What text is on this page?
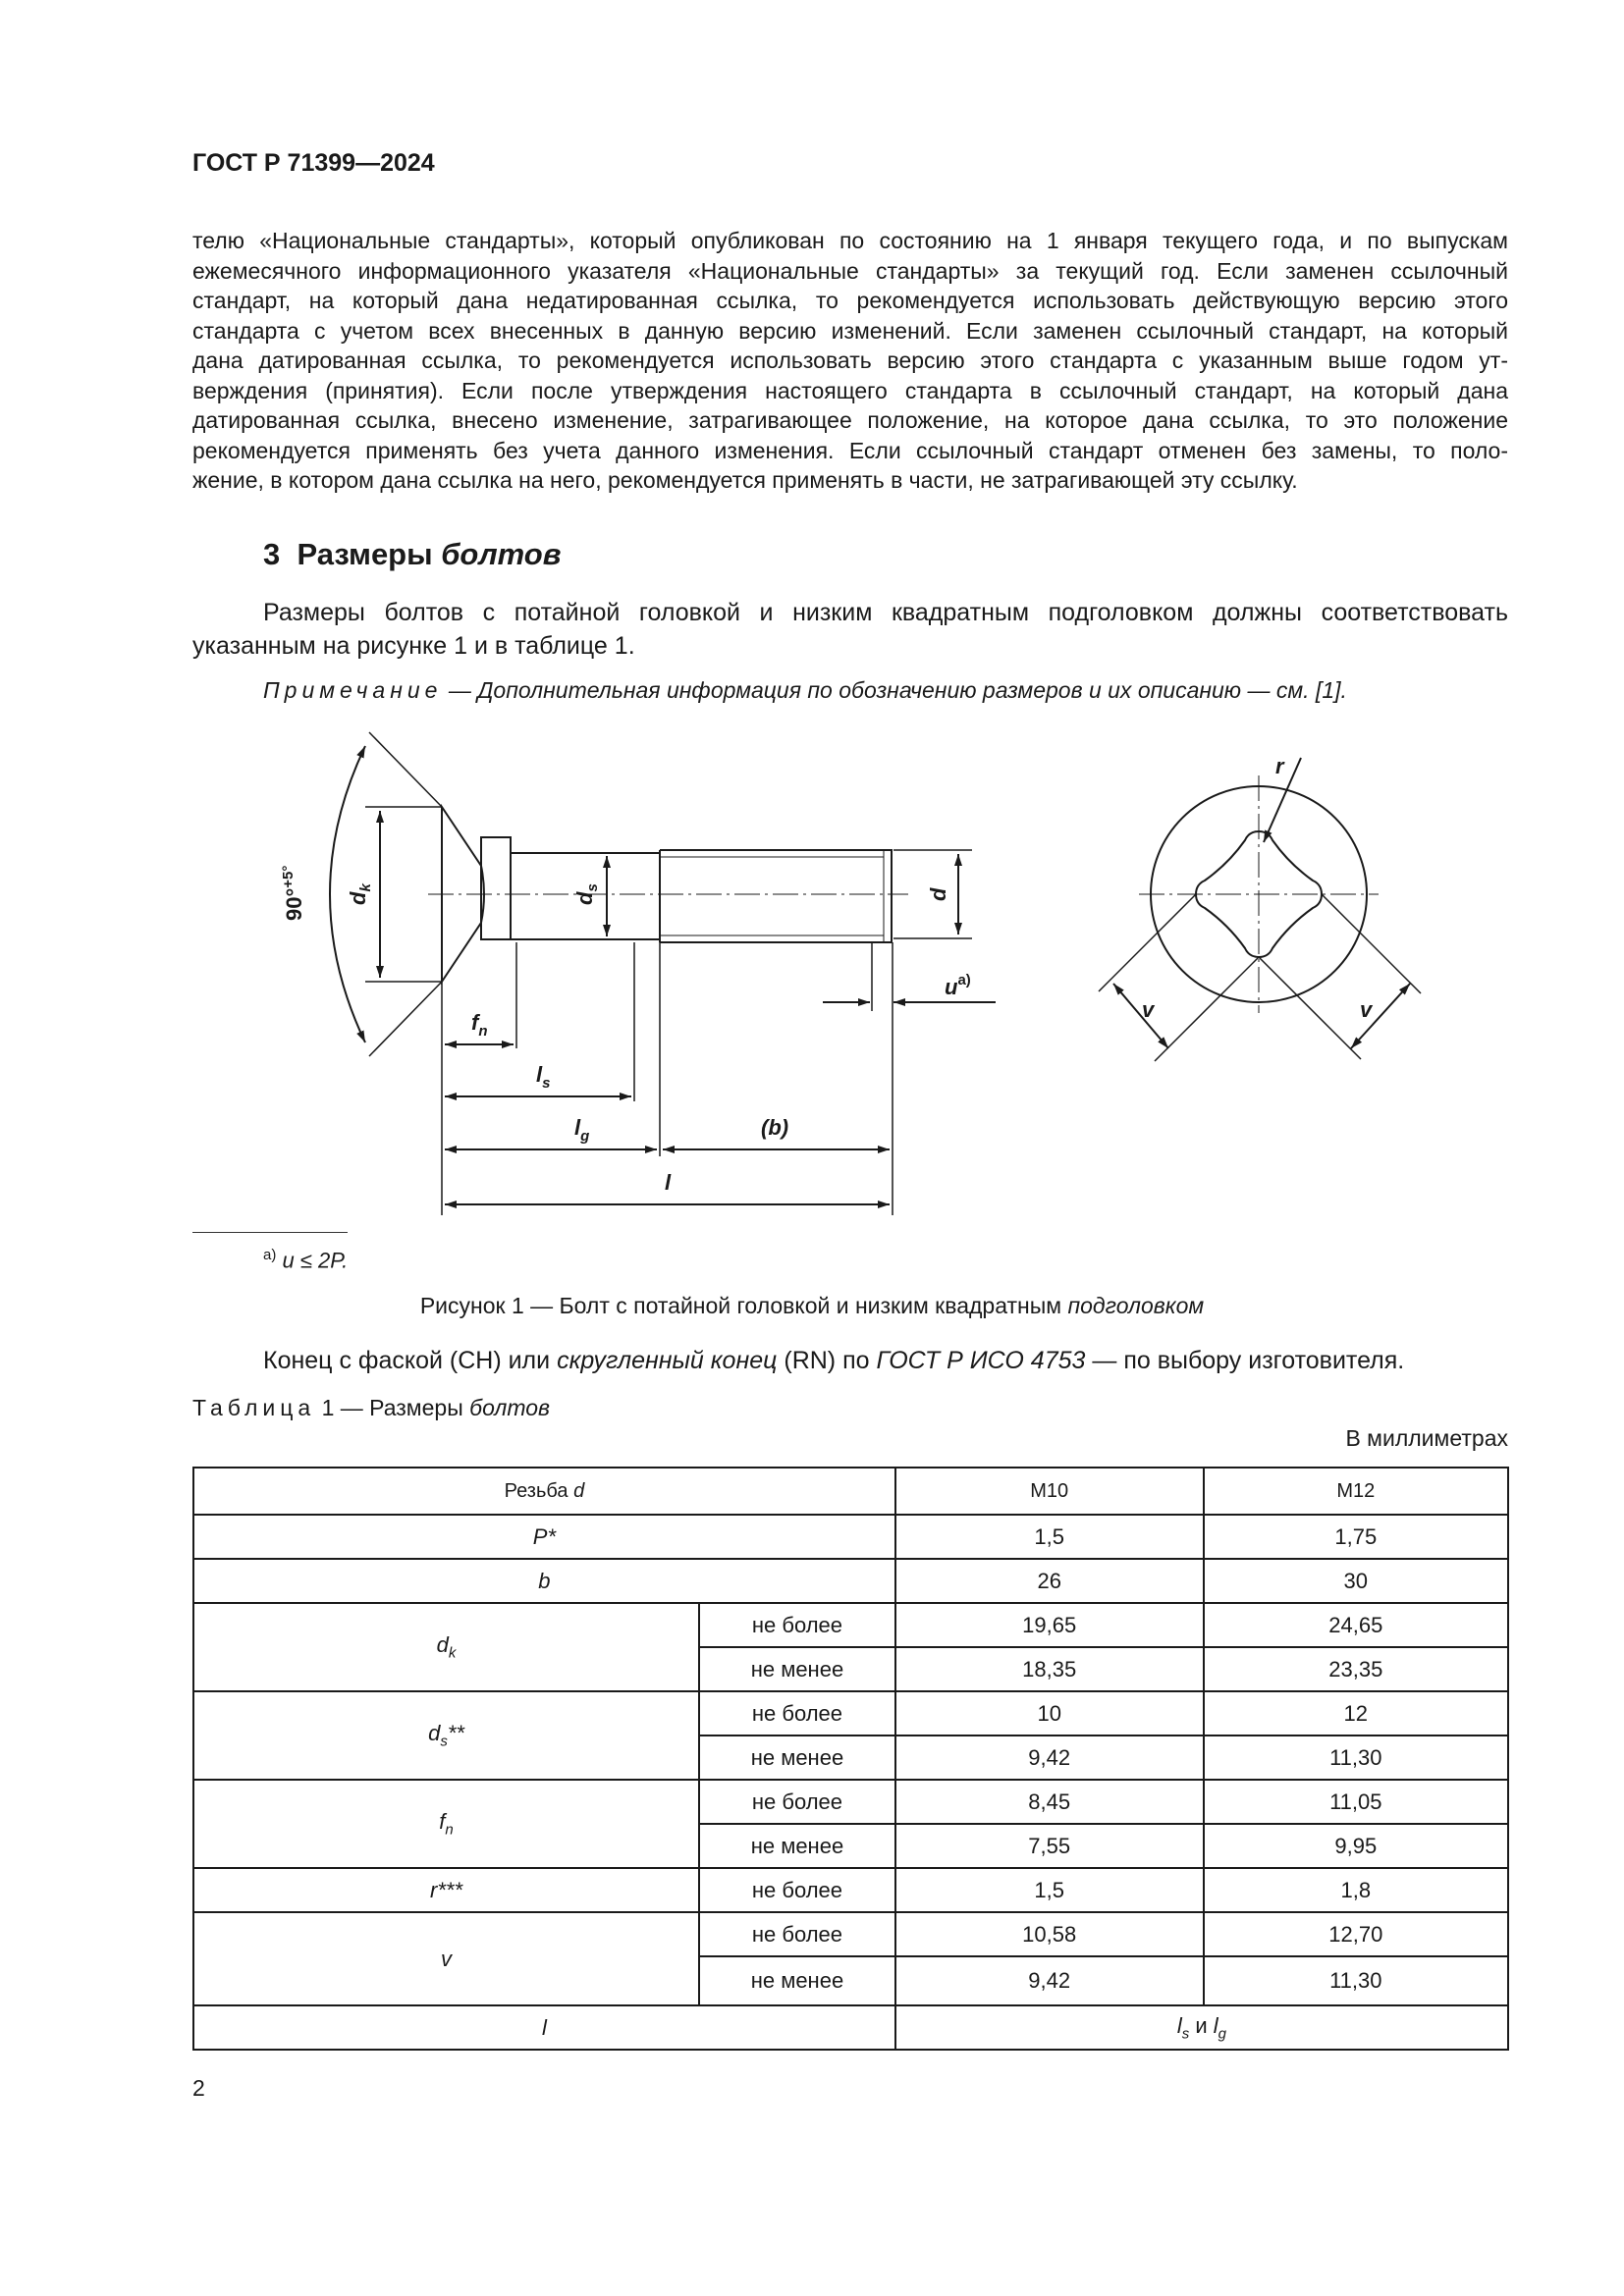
ГОСТ Р 71399—2024
телю «Национальные стандарты», который опубликован по состоянию на 1 января текущего года, и по выпускам
ежемесячного информационного указателя «Национальные стандарты» за текущий год. Если заменен ссылочный
стандарт, на который дана недатированная ссылка, то рекомендуется использовать действующую версию этого
стандарта с учетом всех внесенных в данную версию изменений. Если заменен ссылочный стандарт, на который
дана датированная ссылка, то рекомендуется использовать версию этого стандарта с указанным выше годом ут-
верждения (принятия). Если после утверждения настоящего стандарта в ссылочный стандарт, на который дана
датированная ссылка, внесено изменение, затрагивающее положение, на которое дана ссылка, то это положение
рекомендуется применять без учета данного изменения. Если ссылочный стандарт отменен без замены, то поло-
жение, в котором дана ссылка на него, рекомендуется применять в части, не затрагивающей эту ссылку.
3 Размеры болтов
Размеры болтов с потайной головкой и низким квадратным подголовком должны соответствовать
указанным на рисунке 1 и в таблице 1.
Примечание — Дополнительная информация по обозначению размеров и их описанию — см. [1].
90°$^{+5^\circ}$
$d_k$
$d_s$
d
$u^{a)}$
$f_n$
$l_s$
$l_g$	(b)
l
r
v	v
$^{a)}$ u ≤ 2P.
Рисунок 1 — Болт с потайной головкой и низким квадратным подголовком
Конец с фаской (CH) или скругленный конец (RN) по ГОСТ Р ИСО 4753 — по выбору изготовителя.
Таблица 1 — Размеры болтов
В миллиметрах
Резьба d		M10	M12
P*		1,5	1,75
b		26	30
$d_k$	не более	19,65	24,65
	не менее	18,35	23,35
$d_s**$	не более	10	12
	не менее	9,42	11,30
$f_n$	не более	8,45	11,05
	не менее	7,55	9,95
r***	не более	1,5	1,8
v	не более	10,58	12,70
	не менее	9,42	11,30
l		$l_s$ и $l_g$
2
